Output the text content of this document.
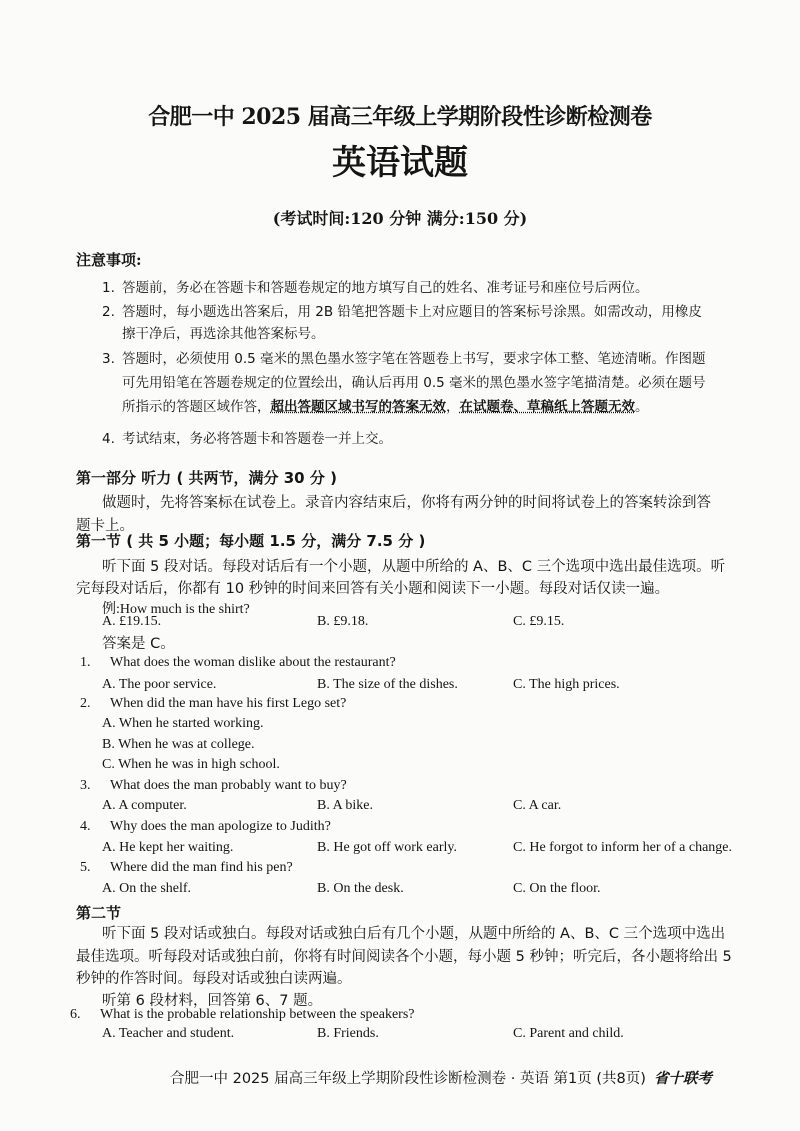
合肥一中 2025 届高三年级上学期阶段性诊断检测卷
英语试题
(考试时间:120 分钟 满分:150 分)
注意事项:
1. 答题前，务必在答题卡和答题卷规定的地方填写自己的姓名、准考证号和座位号后两位。
2. 答题时，每小题选出答案后，用 2B 铅笔把答题卡上对应题目的答案标号涂黑。如需改动，用橡皮
擦干净后，再选涂其他答案标号。
3. 答题时，必须使用 0.5 毫米的黑色墨水签字笔在答题卷上书写，要求字体工整、笔迹清晰。作图题
可先用铅笔在答题卷规定的位置绘出，确认后再用 0.5 毫米的黑色墨水签字笔描清楚。必须在题号
所指示的答题区域作答，超出答题区域书写的答案无效，在试题卷、草稿纸上答题无效。
4. 考试结束，务必将答题卡和答题卷一并上交。
第一部分 听力 ( 共两节，满分 30 分 )
做题时，先将答案标在试卷上。录音内容结束后，你将有两分钟的时间将试卷上的答案转涂到答
题卡上。
第一节 ( 共 5 小题；每小题 1.5 分，满分 7.5 分 )
听下面 5 段对话。每段对话后有一个小题，从题中所给的 A、B、C 三个选项中选出最佳选项。听
完每段对话后，你都有 10 秒钟的时间来回答有关小题和阅读下一小题。每段对话仅读一遍。
例:How much is the shirt?
A. £19.15.	B. £9.18.	C. £9.15.
答案是 C。
1. What does the woman dislike about the restaurant?
A. The poor service.	B. The size of the dishes.	C. The high prices.
2. When did the man have his first Lego set?
A. When he started working.
B. When he was at college.
C. When he was in high school.
3. What does the man probably want to buy?
A. A computer.	B. A bike.	C. A car.
4. Why does the man apologize to Judith?
A. He kept her waiting.	B. He got off work early.	C. He forgot to inform her of a change.
5. Where did the man find his pen?
A. On the shelf.	B. On the desk.	C. On the floor.
第二节
听下面 5 段对话或独白。每段对话或独白后有几个小题，从题中所给的 A、B、C 三个选项中选出
最佳选项。听每段对话或独白前，你将有时间阅读各个小题，每小题 5 秒钟；听完后，各小题将给出 5
秒钟的作答时间。每段对话或独白读两遍。
听第 6 段材料，回答第 6、7 题。
6. What is the probable relationship between the speakers?
A. Teacher and student.	B. Friends.	C. Parent and child.
合肥一中 2025 届高三年级上学期阶段性诊断检测卷 · 英语 第1页 (共8页) 省十联考
